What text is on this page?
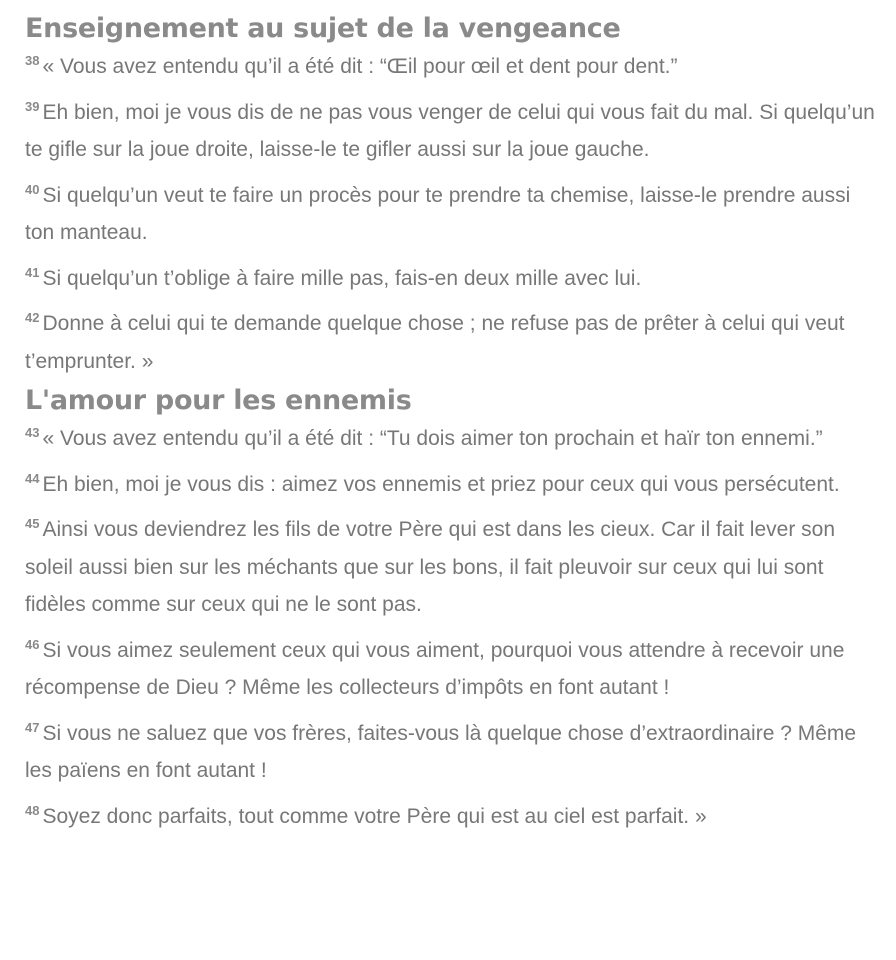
Enseignement au sujet de la vengeance

$^{38}$ « Vous avez entendu qu’il a été dit : “Œil pour œil et dent pour dent.”

$^{39}$ Eh bien, moi je vous dis de ne pas vous venger de celui qui vous fait du mal. Si quelqu’un te gifle sur la joue droite, laisse-le te gifler aussi sur la joue gauche.

$^{40}$ Si quelqu’un veut te faire un procès pour te prendre ta chemise, laisse-le prendre aussi ton manteau.

$^{41}$ Si quelqu’un t’oblige à faire mille pas, fais-en deux mille avec lui.

$^{42}$ Donne à celui qui te demande quelque chose ; ne refuse pas de prêter à celui qui veut t’emprunter. »

L'amour pour les ennemis

$^{43}$ « Vous avez entendu qu’il a été dit : “Tu dois aimer ton prochain et haïr ton ennemi.”

$^{44}$ Eh bien, moi je vous dis : aimez vos ennemis et priez pour ceux qui vous persécutent.

$^{45}$ Ainsi vous deviendrez les fils de votre Père qui est dans les cieux. Car il fait lever son soleil aussi bien sur les méchants que sur les bons, il fait pleuvoir sur ceux qui lui sont fidèles comme sur ceux qui ne le sont pas.

$^{46}$ Si vous aimez seulement ceux qui vous aiment, pourquoi vous attendre à recevoir une récompense de Dieu ? Même les collecteurs d’impôts en font autant !

$^{47}$ Si vous ne saluez que vos frères, faites-vous là quelque chose d’extraordinaire ? Même les païens en font autant !

$^{48}$ Soyez donc parfaits, tout comme votre Père qui est au ciel est parfait. »
